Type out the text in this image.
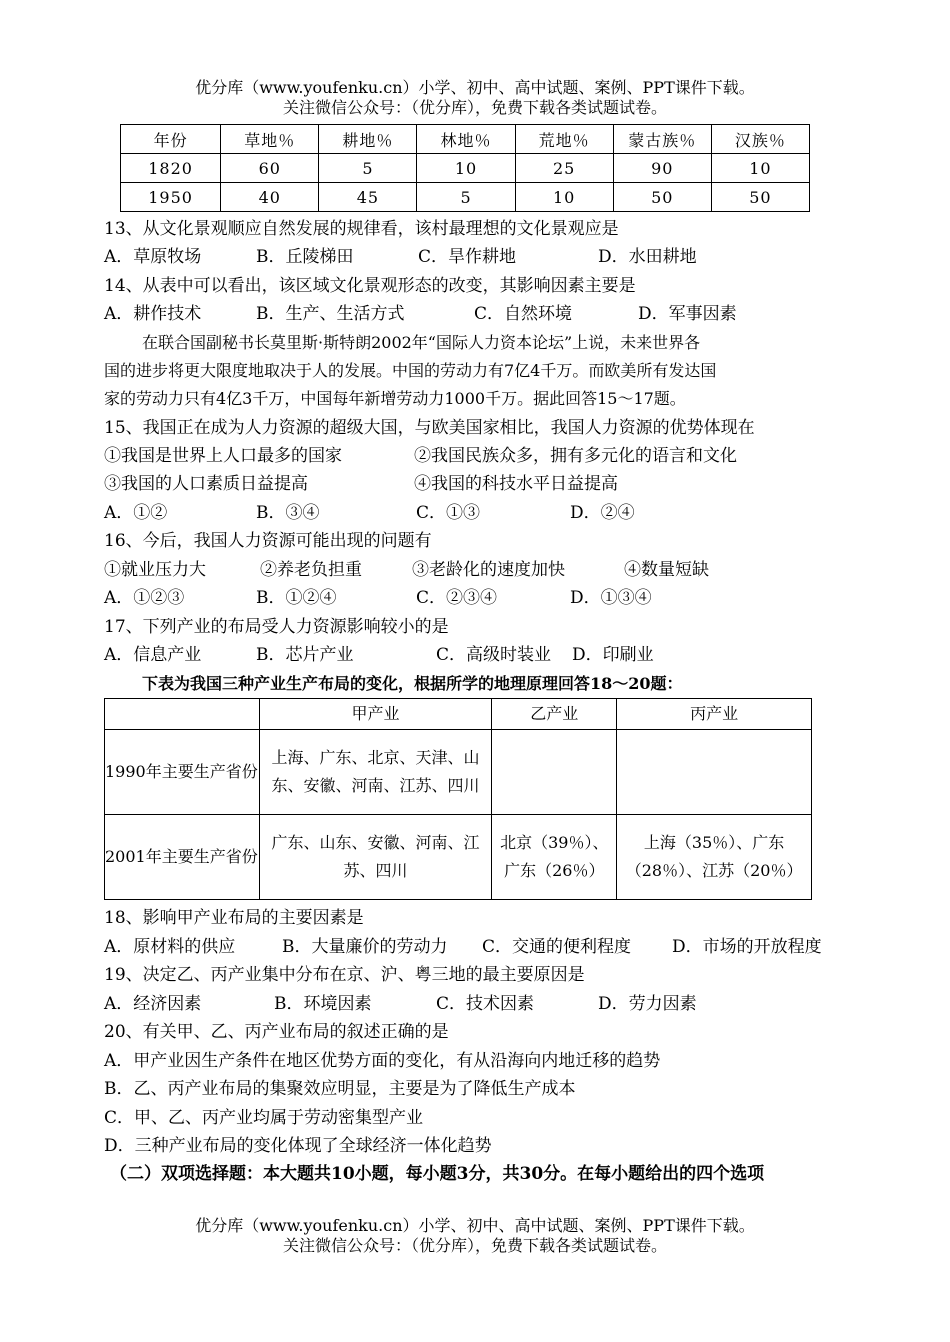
优分库（www.youfenku.cn）小学、初中、高中试题、案例、PPT课件下载。
关注微信公众号：（优分库），免费下载各类试题试卷。
年份	草地％	耕地％	林地％	荒地％	蒙古族％	汉族％
1820	60	5	10	25	90	10
1950	40	45	5	10	50	50
13、从文化景观顺应自然发展的规律看，该村最理想的文化景观应是
A．草原牧场	B．丘陵梯田	C．旱作耕地	D．水田耕地
14、从表中可以看出，该区域文化景观形态的改变，其影响因素主要是
A．耕作技术	B．生产、生活方式	C．自然环境	D．军事因素
在联合国副秘书长莫里斯·斯特朗2002年“国际人力资本论坛”上说，未来世界各
国的进步将更大限度地取决于人的发展。中国的劳动力有7亿4千万。而欧美所有发达国
家的劳动力只有4亿3千万，中国每年新增劳动力1000千万。据此回答15～17题。
15、我国正在成为人力资源的超级大国，与欧美国家相比，我国人力资源的优势体现在
①我国是世界上人口最多的国家	②我国民族众多，拥有多元化的语言和文化
③我国的人口素质日益提高	④我国的科技水平日益提高
A．①②	B．③④	C．①③	D．②④
16、今后，我国人力资源可能出现的问题有
①就业压力大	②养老负担重	③老龄化的速度加快	④数量短缺
A．①②③	B．①②④	C．②③④	D．①③④
17、下列产业的布局受人力资源影响较小的是
A．信息产业	B．芯片产业	C．高级时装业 D．印刷业
下表为我国三种产业生产布局的变化，根据所学的地理原理回答18～20题：
	甲产业	乙产业	丙产业
1990年主要生产省份	上海、广东、北京、天津、山东、安徽、河南、江苏、四川		
2001年主要生产省份	广东、山东、安徽、河南、江苏、四川	北京（39％）、广东（26％）	上海（35％）、广东（28％）、江苏（20％）
18、影响甲产业布局的主要因素是
A．原材料的供应	B．大量廉价的劳动力 C．交通的便利程度 D．市场的开放程度
19、决定乙、丙产业集中分布在京、沪、粤三地的最主要原因是
A．经济因素	B．环境因素	C．技术因素	D．劳力因素
20、有关甲、乙、丙产业布局的叙述正确的是
A．甲产业因生产条件在地区优势方面的变化，有从沿海向内地迁移的趋势
B．乙、丙产业布局的集聚效应明显，主要是为了降低生产成本
C．甲、乙、丙产业均属于劳动密集型产业
D．三种产业布局的变化体现了全球经济一体化趋势
（二）双项选择题：本大题共10小题，每小题3分，共30分。在每小题给出的四个选项
优分库（www.youfenku.cn）小学、初中、高中试题、案例、PPT课件下载。
关注微信公众号：（优分库），免费下载各类试题试卷。
